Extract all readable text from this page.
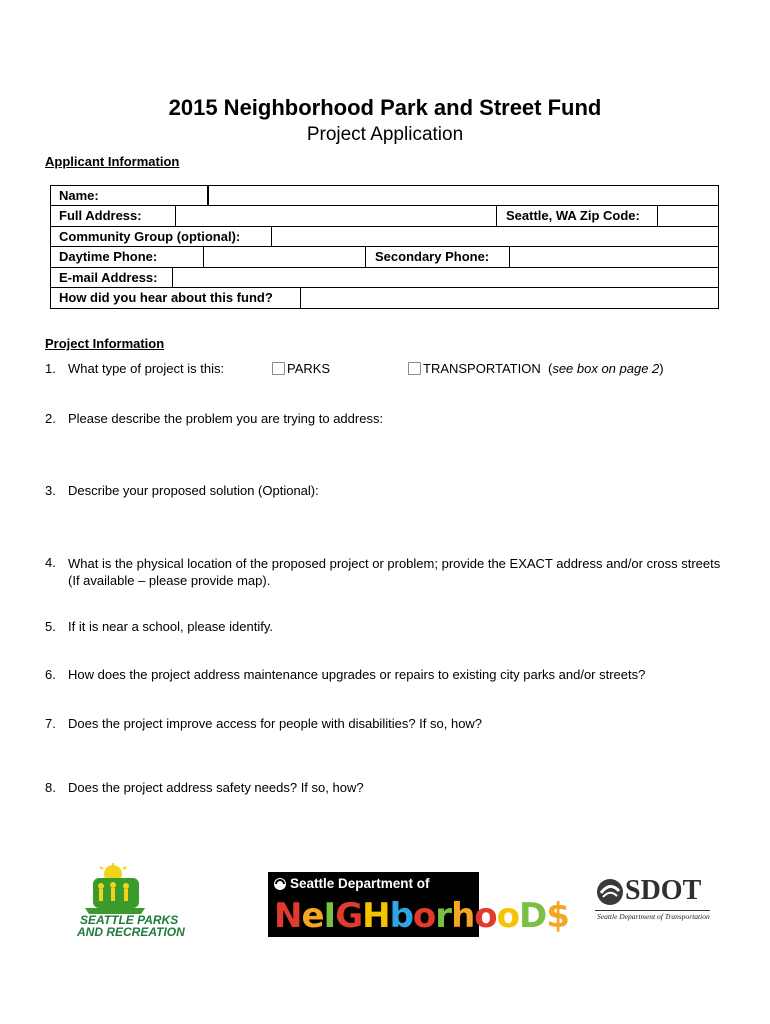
2015 Neighborhood Park and Street Fund
Project Application
Applicant Information
Name:
Full Address:	Seattle, WA Zip Code:
Community Group (optional):
Daytime Phone:	Secondary Phone:
E-mail Address:
How did you hear about this fund?
Project Information
1. What type of project is this:	PARKS	TRANSPORTATION (see box on page 2)
2. Please describe the problem you are trying to address:
3. Describe your proposed solution (Optional):
4. What is the physical location of the proposed project or problem; provide the EXACT address and/or cross streets (If available – please provide map).
5. If it is near a school, please identify.
6. How does the project address maintenance upgrades or repairs to existing city parks and/or streets?
7. Does the project improve access for people with disabilities? If so, how?
8. Does the project address safety needs? If so, how?
SEATTLE PARKS
AND RECREATION
Seattle Department of
NeIGHborhooD$
SDOT
Seattle Department of Transportation
